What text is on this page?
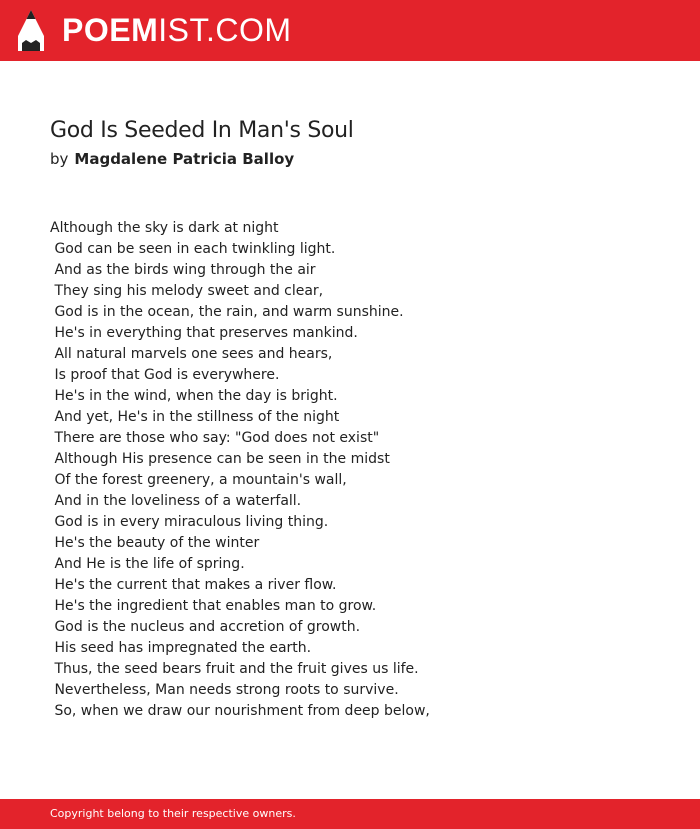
POEMIST.COM
God Is Seeded In Man's Soul
by Magdalene Patricia Balloy
Although the sky is dark at night
God can be seen in each twinkling light.
And as the birds wing through the air
They sing his melody sweet and clear,
God is in the ocean, the rain, and warm sunshine.
He's in everything that preserves mankind.
All natural marvels one sees and hears,
Is proof that God is everywhere.
He's in the wind, when the day is bright.
And yet, He's in the stillness of the night
There are those who say: "God does not exist"
Although His presence can be seen in the midst
Of the forest greenery, a mountain's wall,
And in the loveliness of a waterfall.
God is in every miraculous living thing.
He's the beauty of the winter
And He is the life of spring.
He's the current that makes a river flow.
He's the ingredient that enables man to grow.
God is the nucleus and accretion of growth.
His seed has impregnated the earth.
Thus, the seed bears fruit and the fruit gives us life.
Nevertheless, Man needs strong roots to survive.
So, when we draw our nourishment from deep below,
Copyright belong to their respective owners.
